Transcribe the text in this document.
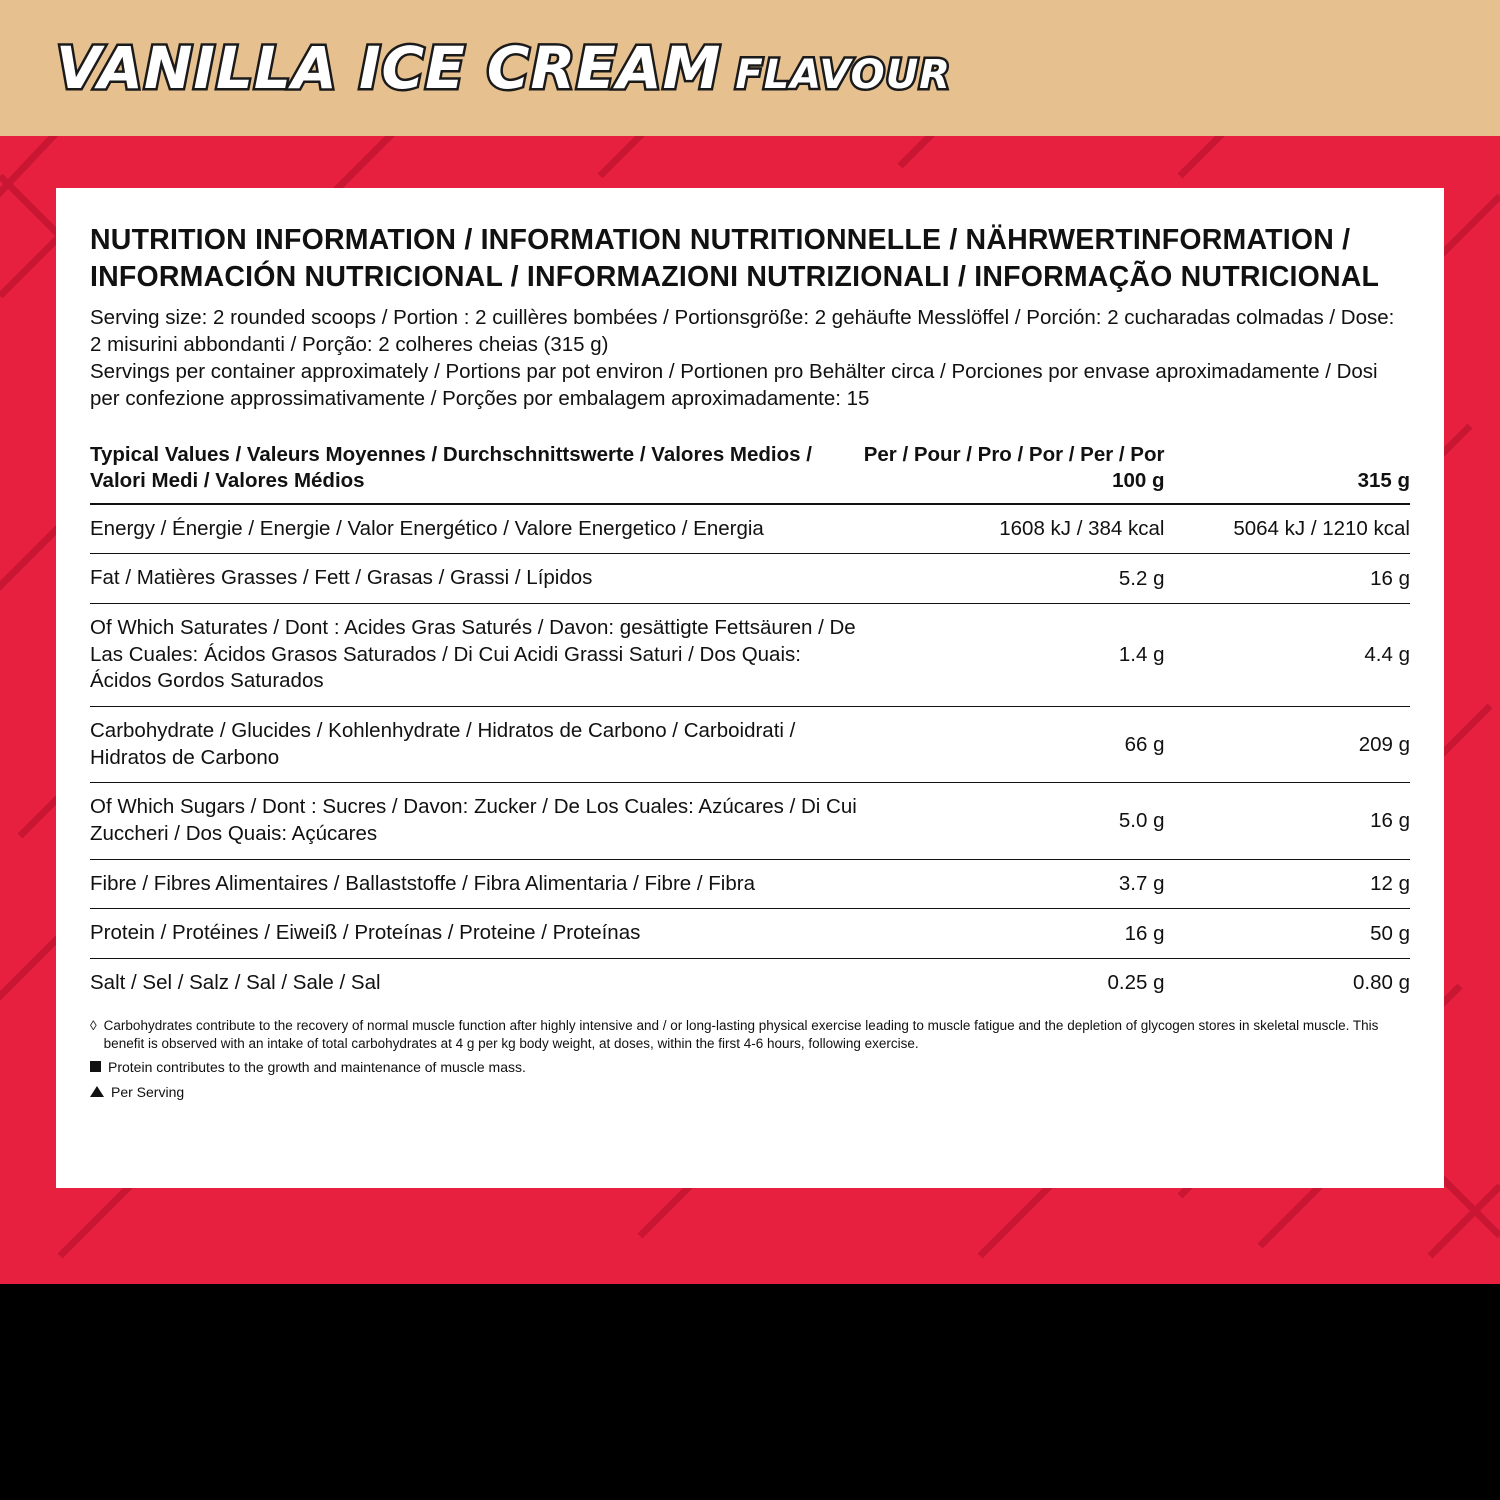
VANILLA ICE CREAM FLAVOUR
NUTRITION INFORMATION / INFORMATION NUTRITIONNELLE / NÄHRWERTINFORMATION / INFORMACIÓN NUTRICIONAL / INFORMAZIONI NUTRIZIONALI / INFORMAÇÃO NUTRICIONAL

Serving size: 2 rounded scoops / Portion : 2 cuillères bombées / Portionsgröße: 2 gehäufte Messlöffel / Porción: 2 cucharadas colmadas / Dose: 2 misurini abbondanti / Porção: 2 colheres cheias (315 g)

Servings per container approximately / Portions par pot environ / Portionen pro Behälter circa / Porciones por envase aproximadamente / Dosi per confezione approssimativamente / Porções por embalagem aproximadamente: 15

Typical Values / Valeurs Moyennes / Durchschnittswerte / Valores Medios / Valori Medi / Valores Médios	Per / Pour / Pro / Por / Per / Por
100 g	315 g
Energy / Énergie / Energie / Valor Energético / Valore Energetico / Energia	1608 kJ / 384 kcal	5064 kJ / 1210 kcal
Fat / Matières Grasses / Fett / Grasas / Grassi / Lípidos	5.2 g	16 g
Of Which Saturates / Dont : Acides Gras Saturés / Davon: gesättigte Fettsäuren / De Las Cuales: Ácidos Grasos Saturados / Di Cui Acidi Grassi Saturi / Dos Quais: Ácidos Gordos Saturados	1.4 g	4.4 g
Carbohydrate / Glucides / Kohlenhydrate / Hidratos de Carbono / Carboidrati / Hidratos de Carbono	66 g	209 g
Of Which Sugars / Dont : Sucres / Davon: Zucker / De Los Cuales: Azúcares / Di Cui Zuccheri / Dos Quais: Açúcares	5.0 g	16 g
Fibre / Fibres Alimentaires / Ballaststoffe / Fibra Alimentaria / Fibre / Fibra	3.7 g	12 g
Protein / Protéines / Eiweiß / Proteínas / Proteine / Proteínas	16 g	50 g
Salt / Sel / Salz / Sal / Sale / Sal	0.25 g	0.80 g

◊ Carbohydrates contribute to the recovery of normal muscle function after highly intensive and / or long-lasting physical exercise leading to muscle fatigue and the depletion of glycogen stores in skeletal muscle. This benefit is observed with an intake of total carbohydrates at 4 g per kg body weight, at doses, within the first 4-6 hours, following exercise.

Protein contributes to the growth and maintenance of muscle mass.

Per Serving
